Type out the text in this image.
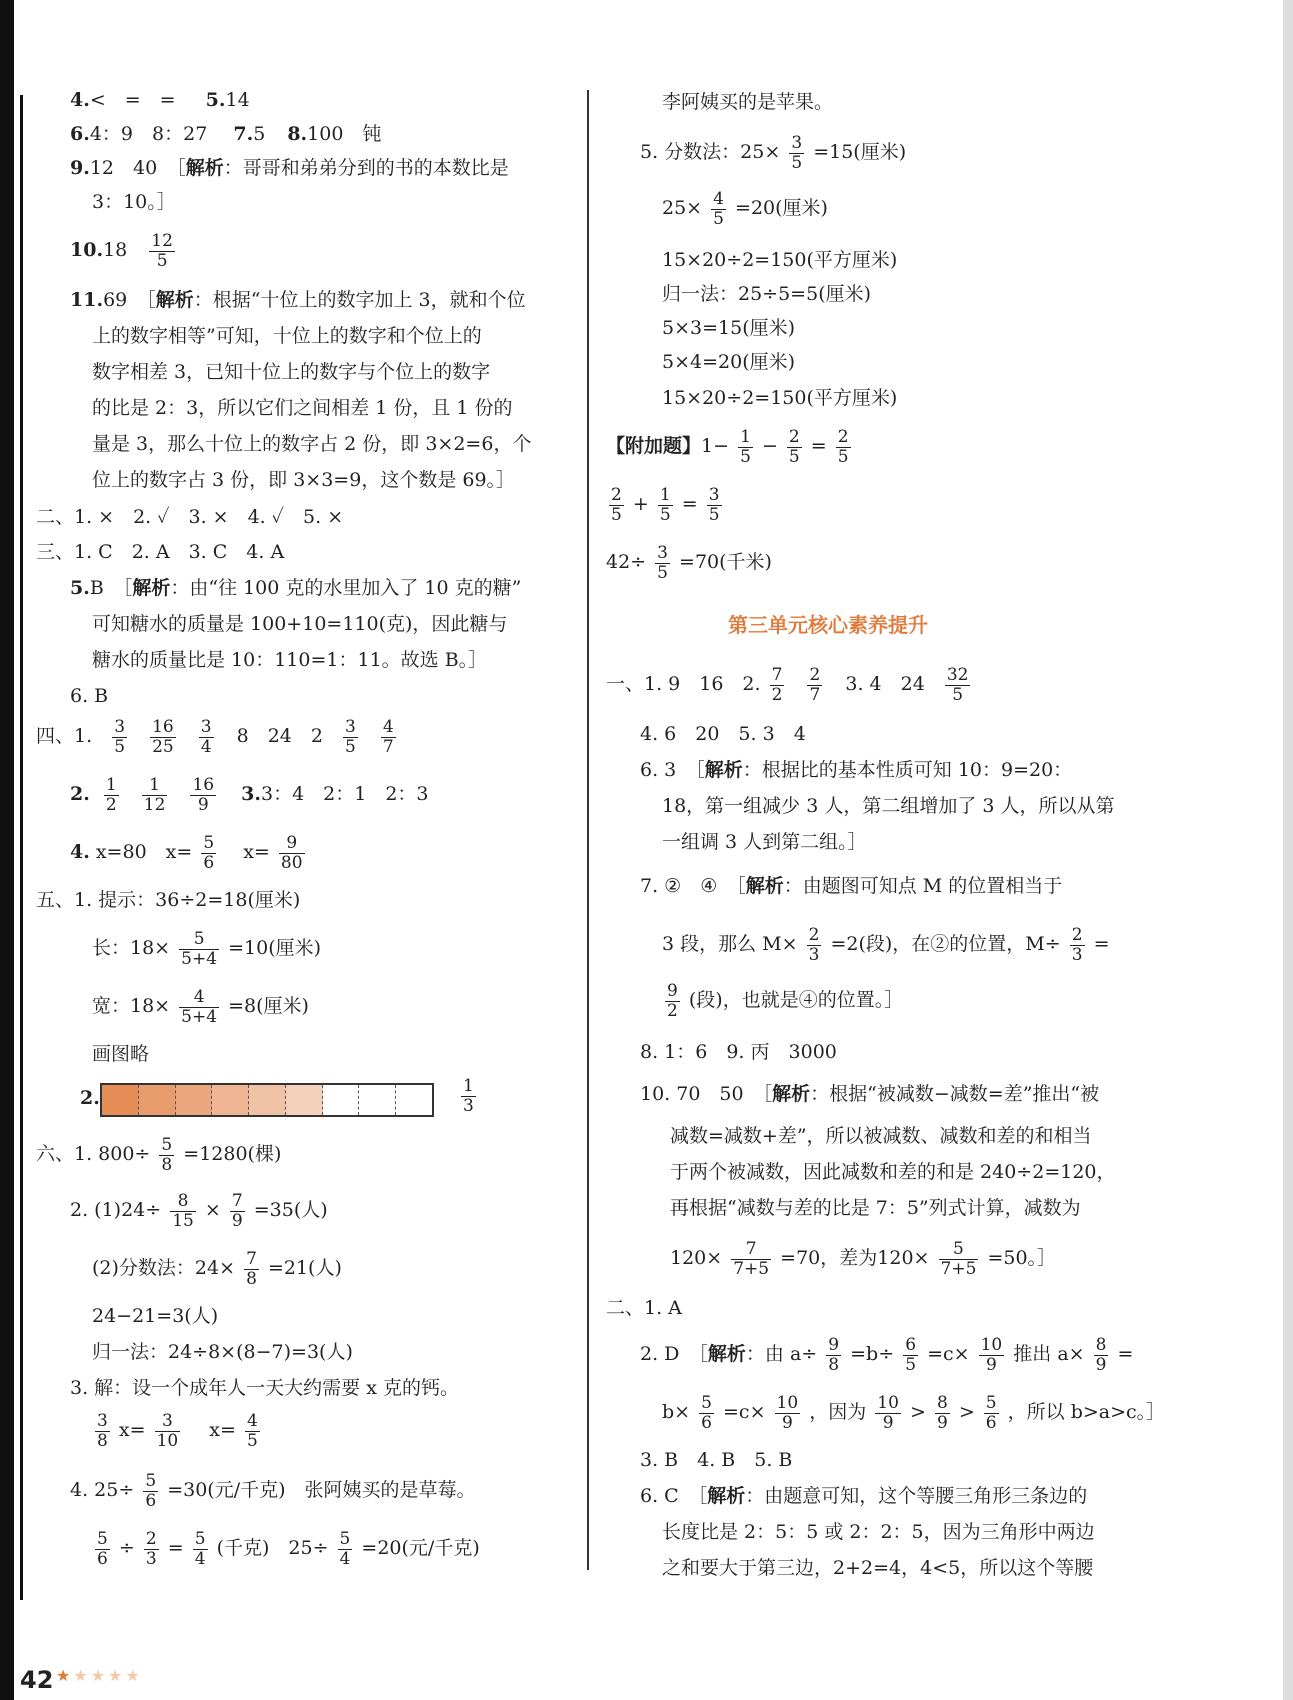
4.<　=　= 5.14
6.4：9　8：27 7.5 8.100　钝
9.12　40　［解析：哥哥和弟弟分到的书的本数比是
3：10。］
$10.18 \frac{12}{5}$
11.69　［解析：根据“十位上的数字加上 3，就和个位
上的数字相等”可知，十位上的数字和个位上的
数字相差 3，已知十位上的数字与个位上的数字
的比是 2：3，所以它们之间相差 1 份，且 1 份的
量是 3，那么十位上的数字占 2 份，即 3×2=6，个
位上的数字占 3 份，即 3×3=9，这个数是 69。］
二、1. ×　2. ✓　3. ×　4. ✓　5. ×
三、1. C　2. A　3. C　4. A
5.B　［解析：由“往 100 克的水里加入了 10 克的糖”
可知糖水的质量是 100+10=110(克)，因此糖与
糖水的质量比是 10：110=1：11。故选 B。］
6. B
四、1. $\frac{3}{5}$
$\frac{16}{25}$
$\frac{3}{4} 8$　24　$2 \frac{3}{5}$
$\frac{4}{7}$
2. $\frac{1}{2}$
$\frac{1}{12}$
$\frac{16}{9} 3.3$：4　2：1　2：3
4. x=80　$x= \frac{5}{6} x= \frac{9}{80}$
五、1. 提示：36÷2=18(厘米)
长：$18\times \frac{5}{5+4} =10$(厘米)
宽：$18\times \frac{4}{5+4} =8$(厘米)
画图略
2.	$\frac{1}{3}$
六、1. $800\div \frac{5}{8} =1280$(棵)
2. $(1)24\div \frac{8}{15} \times \frac{7}{9} =35$(人)
(2)分数法：$24\times \frac{7}{8} =21$(人)
24−21=3(人)
归一法：24÷8×(8−7)=3(人)
3. 解：设一个成年人一天大约需要 x 克的钙。
$\frac{3}{8} x= \frac{3}{10} x= \frac{4}{5}$
4. $25\div \frac{5}{6} =30$(元/千克)　张阿姨买的是草莓。
$\frac{5}{6} \div \frac{2}{3} = \frac{5}{4}$ (千克)　$25\div \frac{5}{4} =20$(元/千克)
李阿姨买的是苹果。
5. 分数法：$25\times \frac{3}{5} =15$(厘米)
$25\times \frac{4}{5} =20$(厘米)
15×20÷2=150(平方厘米)
归一法：25÷5=5(厘米)
5×3=15(厘米)
5×4=20(厘米)
15×20÷2=150(平方厘米)
【附加题】$1- \frac{1}{5} - \frac{2}{5} = \frac{2}{5}$
$\frac{2}{5} + \frac{1}{5} = \frac{3}{5}$
$42\div \frac{3}{5} =70$(千米)
第三单元核心素养提升
一、1. 9　16　2. $\frac{7}{2}$
$\frac{2}{7} 3$. 4　$24 \frac{32}{5}$
4. 6　20　5. 3　4
6. 3　［解析：根据比的基本性质可知 10：9=20：
18，第一组减少 3 人，第二组增加了 3 人，所以从第
一组调 3 人到第二组。］
7. ②　④　［解析：由题图可知点 M 的位置相当于
3 段，那么 $M\times \frac{2}{3} =2$(段)，在②的位置，$M\div \frac{2}{3}$ =
$\frac{9}{2}$ (段)，也就是④的位置。］
8. 1：6　9. 丙　3000
10. 70　50　［解析：根据“被减数−减数=差”推出“被
减数=减数+差”，所以被减数、减数和差的和相当
于两个被减数，因此减数和差的和是 240÷2=120，
再根据“减数与差的比是 7：5”列式计算，减数为
$120\times \frac{7}{7+5} =70$，差为$120\times \frac{5}{7+5} =50$。］
二、1. A
2. D　［解析：由 $a\div \frac{9}{8} =b\div \frac{6}{5} =c\times \frac{10}{9}$ 推出 $a\times \frac{8}{9}$ =
$b\times \frac{5}{6} =c\times \frac{10}{9}$ ，因为 $\frac{10}{9} > \frac{8}{9} > \frac{5}{6}$ ，所以 b>a>c。］
3. B　4. B　5. B
6. C　［解析：由题意可知，这个等腰三角形三条边的
长度比是 2：5：5 或 2：2：5，因为三角形中两边
之和要大于第三边，2+2=4，4<5，所以这个等腰
42 ★★★★★
